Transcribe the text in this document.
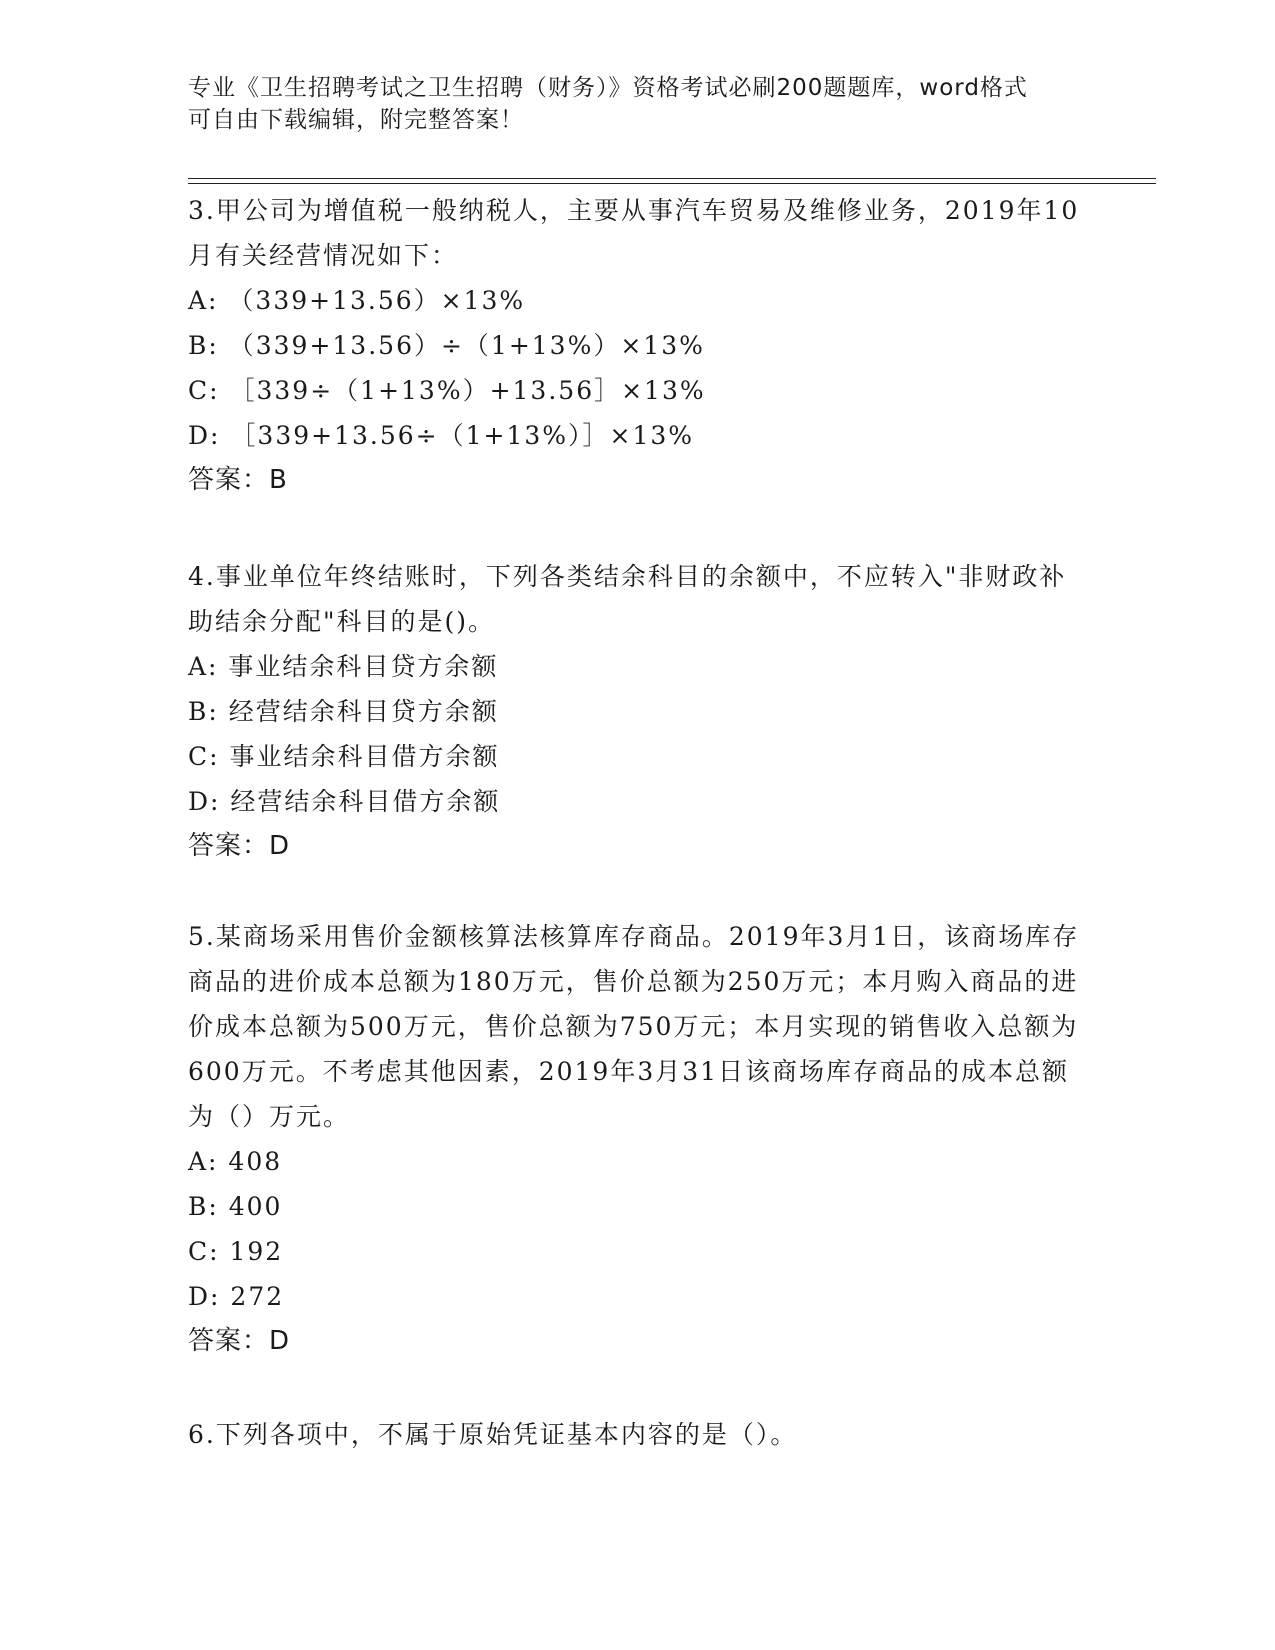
专业《卫生招聘考试之卫生招聘（财务）》资格考试必刷200题题库，word格式
可自由下载编辑，附完整答案！
3.甲公司为增值税一般纳税人，主要从事汽车贸易及维修业务，2019年10月有关经营情况如下：
A: （339+13.56）×13%
B: （339+13.56）÷（1+13%）×13%
C: ［339÷（1+13%）+13.56］×13%
D: ［339+13.56÷（1+13%）］×13%
答案：B
4.事业单位年终结账时，下列各类结余科目的余额中，不应转入"非财政补助结余分配"科目的是()。
A: 事业结余科目贷方余额
B: 经营结余科目贷方余额
C: 事业结余科目借方余额
D: 经营结余科目借方余额
答案：D
5.某商场采用售价金额核算法核算库存商品。2019年3月1日，该商场库存商品的进价成本总额为180万元，售价总额为250万元；本月购入商品的进价成本总额为500万元，售价总额为750万元；本月实现的销售收入总额为600万元。不考虑其他因素，2019年3月31日该商场库存商品的成本总额为（）万元。
A: 408
B: 400
C: 192
D: 272
答案：D
6.下列各项中，不属于原始凭证基本内容的是（）。
